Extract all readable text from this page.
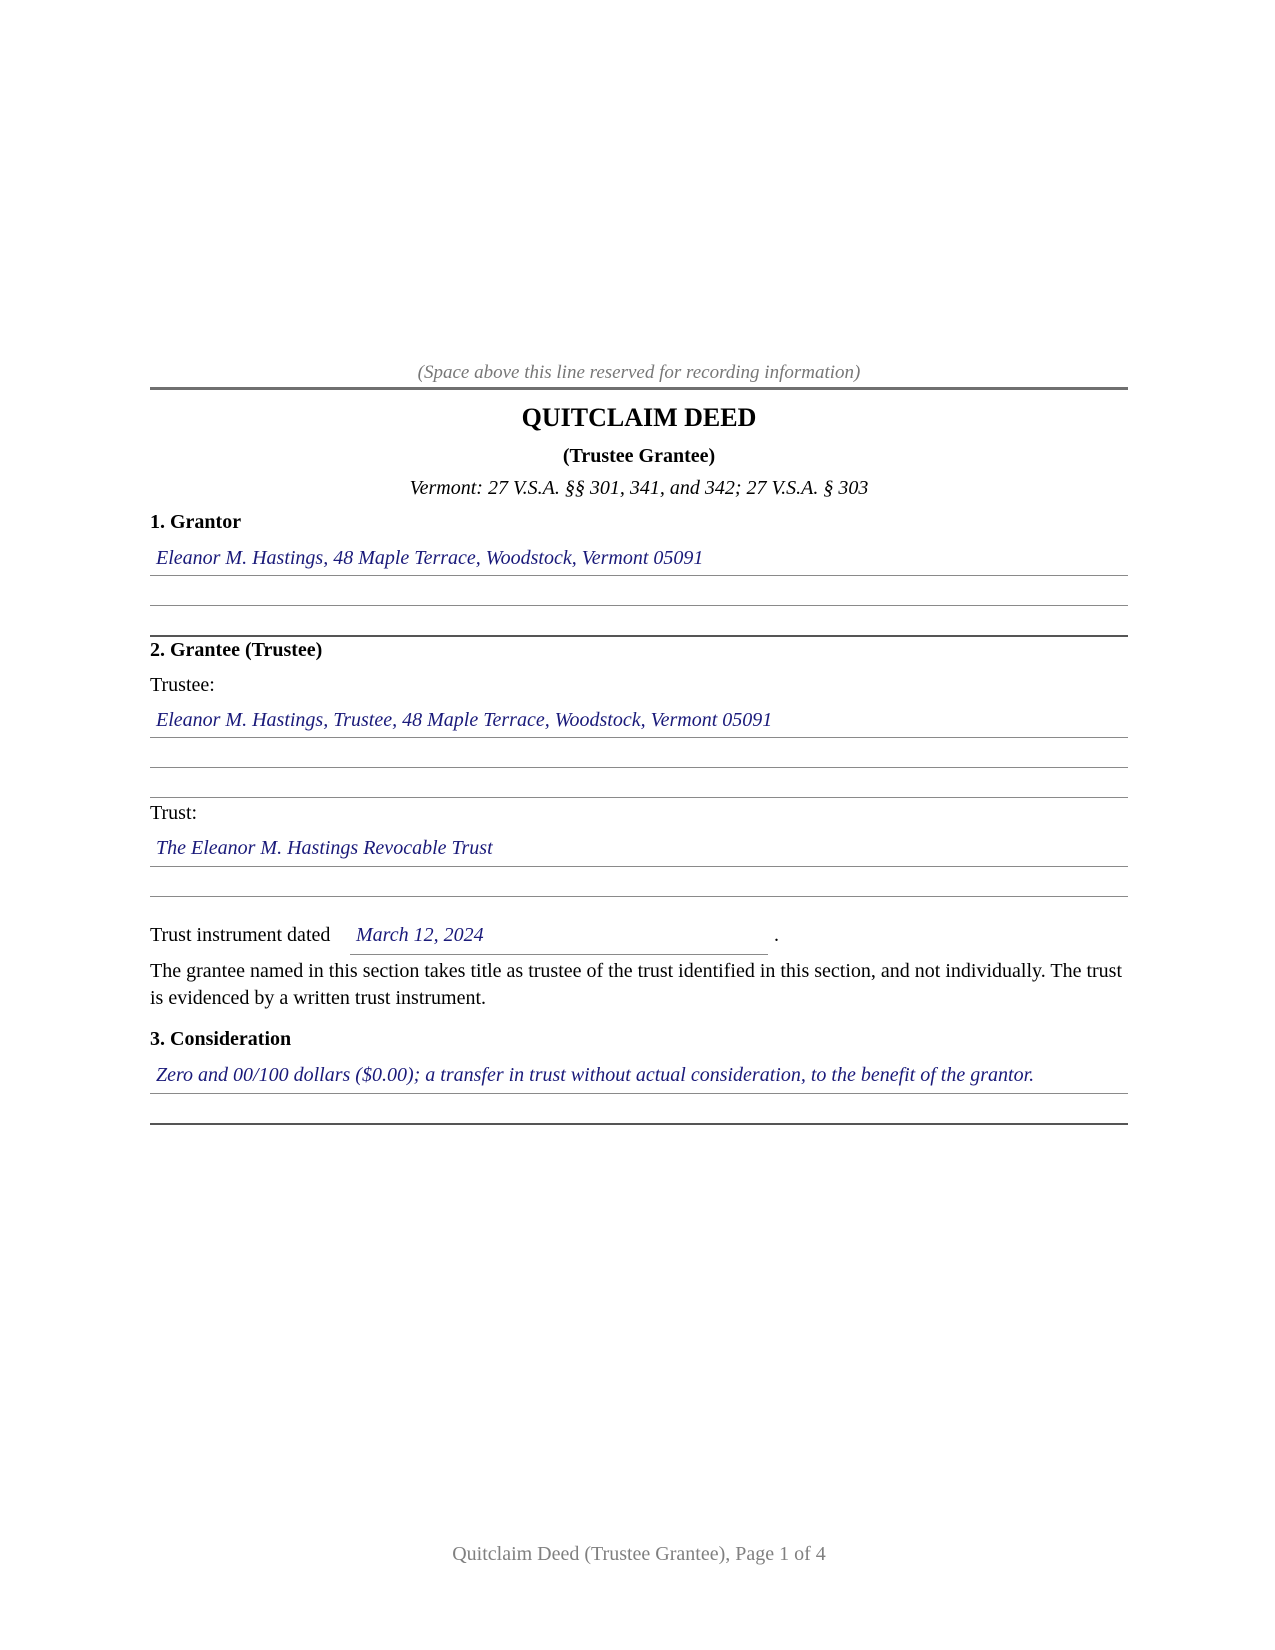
(Space above this line reserved for recording information)
QUITCLAIM DEED
(Trustee Grantee)
Vermont: 27 V.S.A. §§ 301, 341, and 342; 27 V.S.A. § 303
1. Grantor
Eleanor M. Hastings, 48 Maple Terrace, Woodstock, Vermont 05091
2. Grantee (Trustee)
Trustee:
Eleanor M. Hastings, Trustee, 48 Maple Terrace, Woodstock, Vermont 05091
Trust:
The Eleanor M. Hastings Revocable Trust
Trust instrument dated	March 12, 2024	.
The grantee named in this section takes title as trustee of the trust identified in this section, and not individually. The trust is evidenced by a written trust instrument.
3. Consideration
Zero and 00/100 dollars ($0.00); a transfer in trust without actual consideration, to the benefit of the grantor.
Quitclaim Deed (Trustee Grantee), Page 1 of 4
